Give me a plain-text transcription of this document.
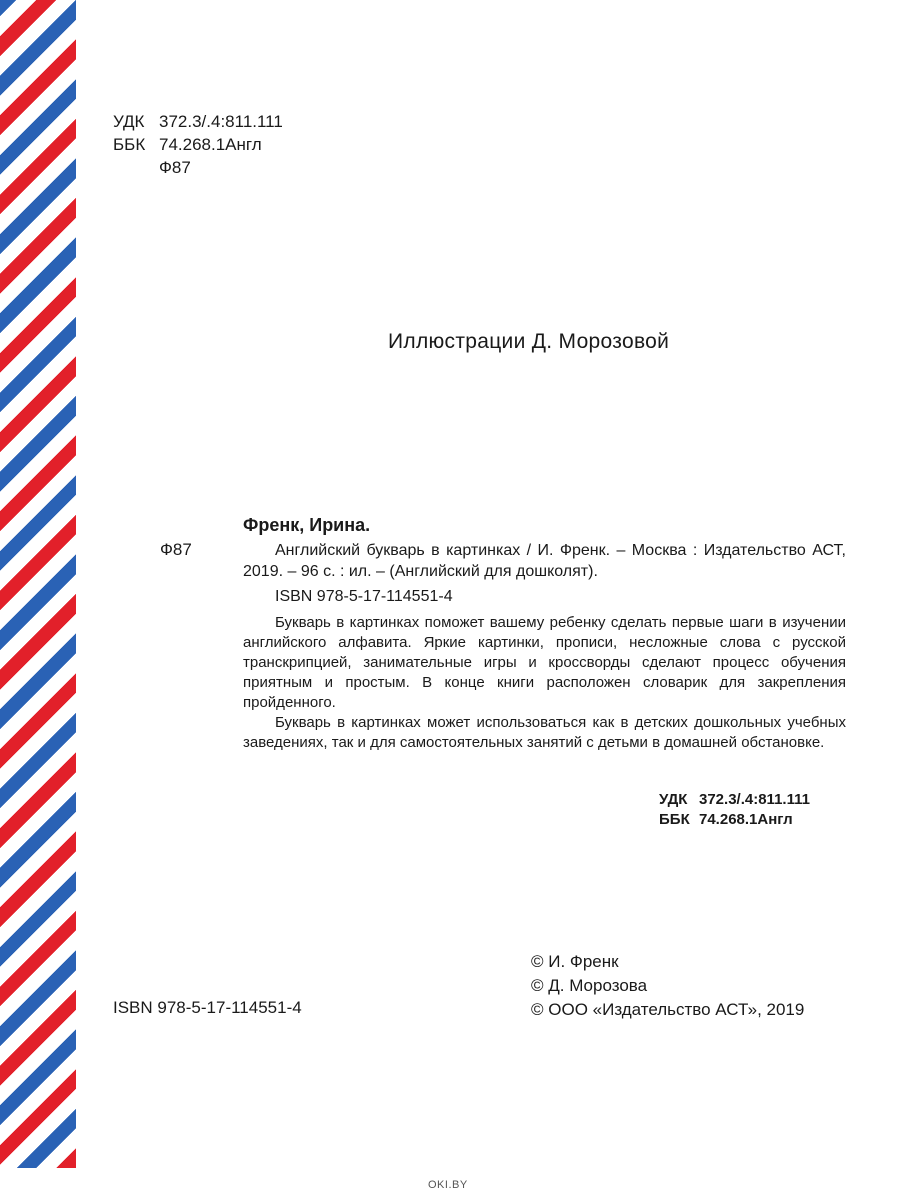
УДК 372.3/.4:811.111
ББК 74.268.1Англ
Ф87
Иллюстрации Д. Морозовой
Ф87
Френк, Ирина.
Английский букварь в картинках / И. Френк. – Москва : Издательство АСТ, 2019. – 96 с. : ил. – (Английский для дошколят).
ISBN 978-5-17-114551-4
Букварь в картинках поможет вашему ребенку сделать первые шаги в изучении английского алфавита. Яркие картинки, прописи, несложные слова с русской транскрипцией, занимательные игры и кроссворды сделают процесс обучения приятным и простым. В конце книги расположен словарик для закрепления пройденного.
Букварь в картинках может использоваться как в детских дошкольных учебных заведениях, так и для самостоятельных занятий с детьми в домашней обстановке.
УДК 372.3/.4:811.111
ББК 74.268.1Англ
© И. Френк
© Д. Морозова
© ООО «Издательство АСТ», 2019
ISBN 978-5-17-114551-4
OKI.BY
